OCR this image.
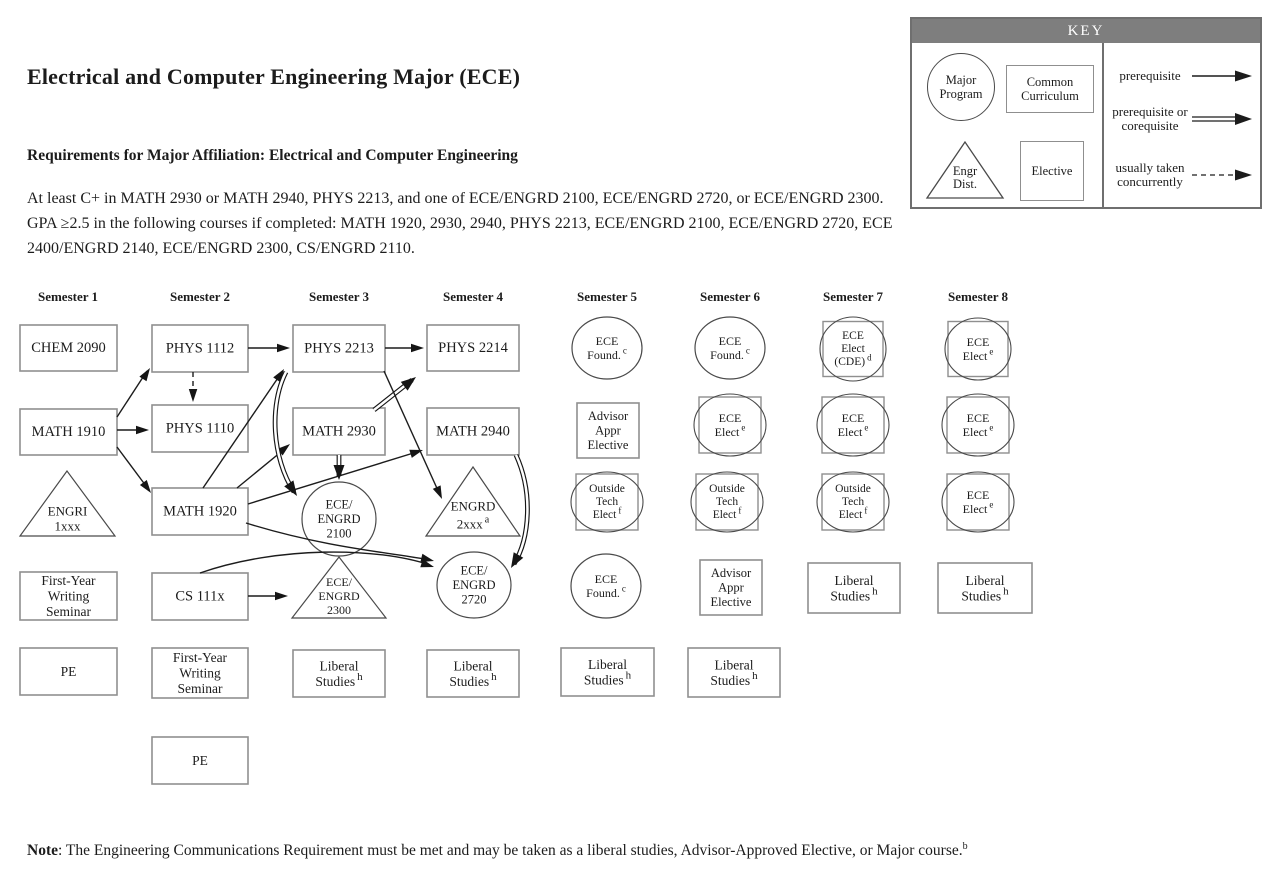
Electrical and Computer Engineering Major (ECE)
Requirements for Major Affiliation: Electrical and Computer Engineering
At least C+ in MATH 2930 or MATH 2940, PHYS 2213, and one of ECE/ENGRD 2100, ECE/ENGRD 2720, or ECE/ENGRD 2300. GPA ≥2.5 in the following courses if completed: MATH 1920, 2930, 2940, PHYS 2213, ECE/ENGRD 2100, ECE/ENGRD 2720, ECE 2400/ENGRD 2140, ECE/ENGRD 2300, CS/ENGRD 2110.
KEY
Major Program
Common Curriculum
Engr Dist.
Elective
prerequisite
prerequisite or corequisite
usually taken concurrently
Semester 1	Semester 2	Semester 3	Semester 4	Semester 5	Semester 6	Semester 7	Semester 8
CHEM 2090
MATH 1910
ENGRI
1xxx
First-Year
Writing
Seminar
PE
PHYS 1112
PHYS 1110
MATH 1920
CS 111x
First-Year
Writing
Seminar
PE
PHYS 2213
MATH 2930
ECE/
ENGRD
2100
ECE/
ENGRD
2300
Liberal
Studies $^h$
PHYS 2214
MATH 2940
ENGRD
2xxx $^a$
ECE/
ENGRD
2720
Liberal
Studies $^h$
ECE
Found. $^c$
Advisor
Appr
Elective
Outside
Tech
Elect $^f$
ECE
Found. $^c$
Liberal
Studies $^h$
ECE
Found. $^c$
ECE
Elect $^e$
Outside
Tech
Elect $^f$
Advisor
Appr
Elective
Liberal
Studies $^h$
ECE
Elect
(CDE) $^d$
ECE
Elect $^e$
Outside
Tech
Elect $^f$
Liberal
Studies $^h$
ECE
Elect $^e$
ECE
Elect $^e$
ECE
Elect $^e$
Liberal
Studies $^h$
Note: The Engineering Communications Requirement must be met and may be taken as a liberal studies, Advisor-Approved Elective, or Major course.$^b$
